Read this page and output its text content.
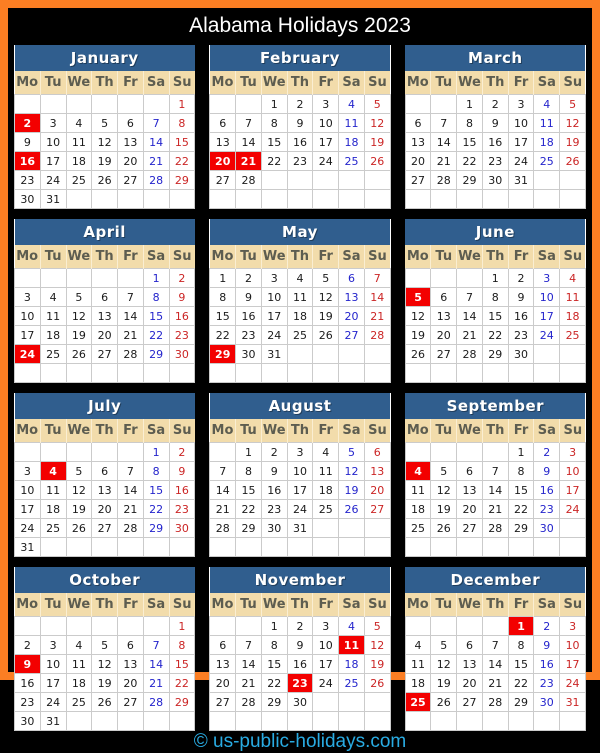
Alabama Holidays 2023
January						
Mo	Tu	We	Th	Fr	Sa	Su
						1
2	3	4	5	6	7	8
9	10	11	12	13	14	15
16	17	18	19	20	21	22
23	24	25	26	27	28	29
30	31					
February						
Mo	Tu	We	Th	Fr	Sa	Su
		1	2	3	4	5
6	7	8	9	10	11	12
13	14	15	16	17	18	19
20	21	22	23	24	25	26
27	28					

March						
Mo	Tu	We	Th	Fr	Sa	Su
		1	2	3	4	5
6	7	8	9	10	11	12
13	14	15	16	17	18	19
20	21	22	23	24	25	26
27	28	29	30	31		

April						
Mo	Tu	We	Th	Fr	Sa	Su
					1	2
3	4	5	6	7	8	9
10	11	12	13	14	15	16
17	18	19	20	21	22	23
24	25	26	27	28	29	30

May						
Mo	Tu	We	Th	Fr	Sa	Su
1	2	3	4	5	6	7
8	9	10	11	12	13	14
15	16	17	18	19	20	21
22	23	24	25	26	27	28
29	30	31				

June						
Mo	Tu	We	Th	Fr	Sa	Su
			1	2	3	4
5	6	7	8	9	10	11
12	13	14	15	16	17	18
19	20	21	22	23	24	25
26	27	28	29	30		

July						
Mo	Tu	We	Th	Fr	Sa	Su
					1	2
3	4	5	6	7	8	9
10	11	12	13	14	15	16
17	18	19	20	21	22	23
24	25	26	27	28	29	30
31						
August						
Mo	Tu	We	Th	Fr	Sa	Su
	1	2	3	4	5	6
7	8	9	10	11	12	13
14	15	16	17	18	19	20
21	22	23	24	25	26	27
28	29	30	31			

September						
Mo	Tu	We	Th	Fr	Sa	Su
				1	2	3
4	5	6	7	8	9	10
11	12	13	14	15	16	17
18	19	20	21	22	23	24
25	26	27	28	29	30	

October						
Mo	Tu	We	Th	Fr	Sa	Su
						1
2	3	4	5	6	7	8
9	10	11	12	13	14	15
16	17	18	19	20	21	22
23	24	25	26	27	28	29
30	31					
November						
Mo	Tu	We	Th	Fr	Sa	Su
		1	2	3	4	5
6	7	8	9	10	11	12
13	14	15	16	17	18	19
20	21	22	23	24	25	26
27	28	29	30			

December						
Mo	Tu	We	Th	Fr	Sa	Su
				1	2	3
4	5	6	7	8	9	10
11	12	13	14	15	16	17
18	19	20	21	22	23	24
25	26	27	28	29	30	31

© us-public-holidays.com
